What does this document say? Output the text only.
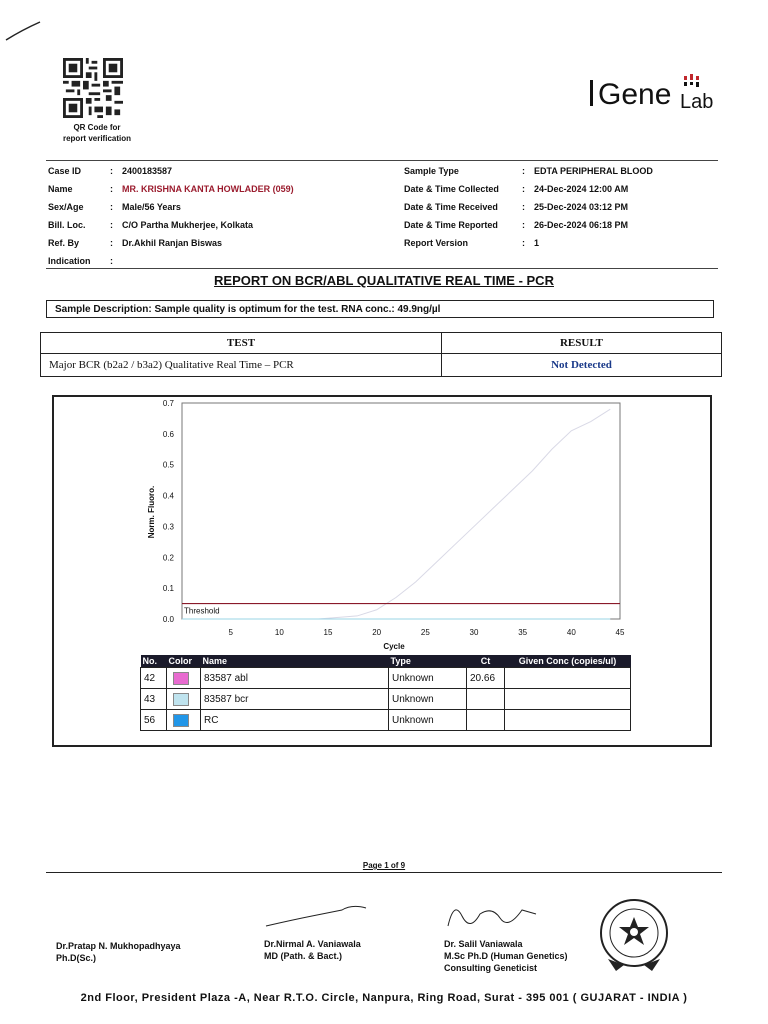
QR Code for
report verification
Gene Lab
Case ID	:	2400183587
Name	:	MR. KRISHNA KANTA HOWLADER (059)
Sex/Age	:	Male/56 Years
Bill. Loc.	:	C/O Partha Mukherjee, Kolkata
Ref. By	:	Dr.Akhil Ranjan Biswas
Indication	:
Sample Type	:	EDTA PERIPHERAL BLOOD
Date & Time Collected	:	24-Dec-2024 12:00 AM
Date & Time Received	:	25-Dec-2024 03:12 PM
Date & Time Reported	:	26-Dec-2024 06:18 PM
Report Version	:	1
REPORT ON BCR/ABL QUALITATIVE REAL TIME - PCR
Sample Description: Sample quality is optimum for the test. RNA conc.: 49.9ng/µl
TEST	RESULT
Major BCR (b2a2 / b3a2) Qualitative Real Time – PCR	Not Detected
0.0
0.1
0.2
0.3
0.4
0.5
0.6
0.7
5	10	15	20	25	30	35	40	45
Threshold
Cycle
Norm. Fluoro.
No.	Color	Name	Type	Ct	Given Conc (copies/ul)
42		83587 abl	Unknown	20.66	
43		83587 bcr	Unknown		
56		RC	Unknown		
Page 1 of 9
Dr.Pratap N. Mukhopadhyaya
Ph.D(Sc.)
Dr.Nirmal A. Vaniawala
MD (Path. & Bact.)
Dr. Salil Vaniawala
M.Sc Ph.D (Human Genetics)
Consulting Geneticist
2nd Floor, President Plaza -A, Near R.T.O. Circle, Nanpura, Ring Road, Surat - 395 001 ( GUJARAT - INDIA )
